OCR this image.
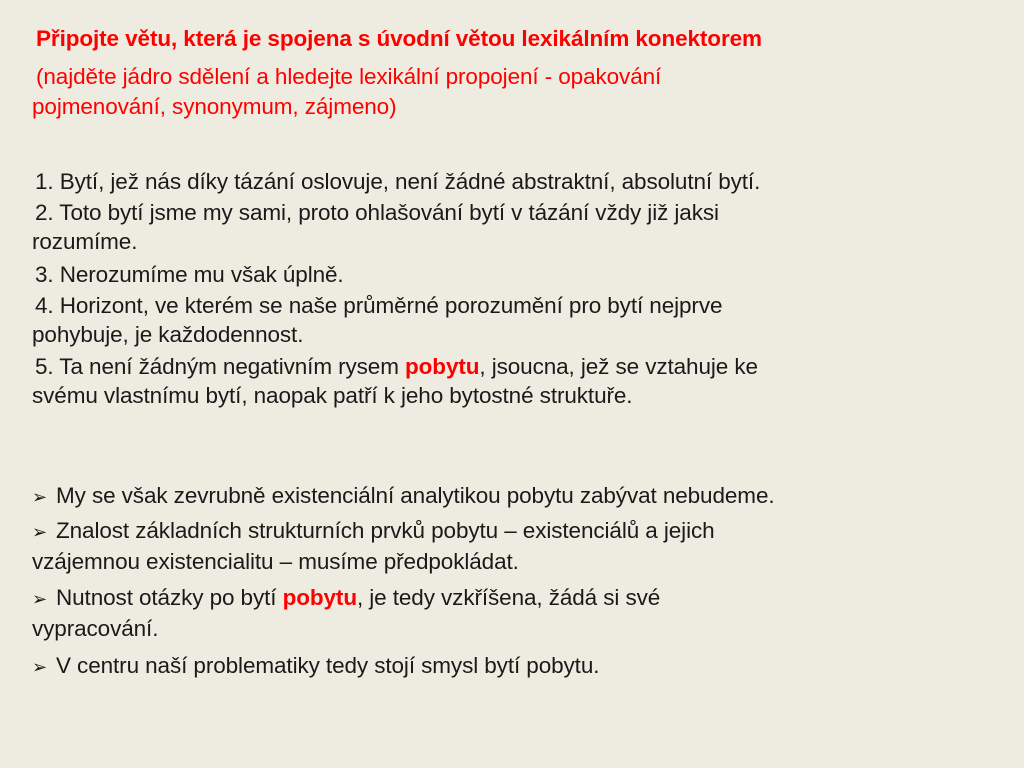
Připojte větu, která je spojena s úvodní větou lexikálním konektorem
(najděte jádro sdělení a hledejte lexikální propojení - opakování
pojmenování, synonymum, zájmeno)
1. Bytí, jež nás díky tázání oslovuje, není žádné abstraktní, absolutní bytí.
2. Toto bytí jsme my sami, proto ohlašování bytí v tázání vždy již jaksi
rozumíme.
3. Nerozumíme mu však úplně.
4. Horizont, ve kterém se naše průměrné porozumění pro bytí nejprve
pohybuje, je každodennost.
5. Ta není žádným negativním rysem pobytu, jsoucna, jež se vztahuje ke
svému vlastnímu bytí, naopak patří k jeho bytostné struktuře.
➢ My se však zevrubně existenciální analytikou pobytu zabývat nebudeme.
➢ Znalost základních strukturních prvků pobytu – existenciálů a jejich
vzájemnou existencialitu – musíme předpokládat.
➢ Nutnost otázky po bytí pobytu, je tedy vzkříšena, žádá si své
vypracování.
➢ V centru naší problematiky tedy stojí smysl bytí pobytu.
